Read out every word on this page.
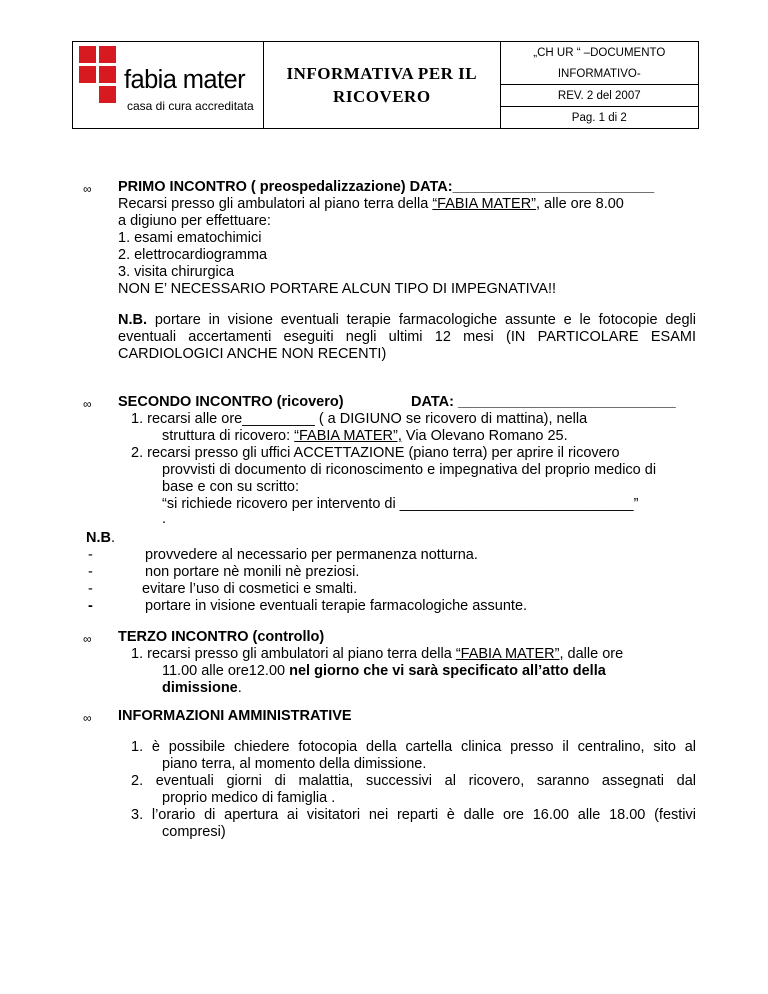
fabia mater
casa di cura accreditata

INFORMATIVA PER IL
RICOVERO
	„CH UR “ –DOCUMENTO
INFORMATIVO-
REV. 2 del 2007
Pag. 1 di 2
∞ PRIMO INCONTRO ( preospedalizzazione) DATA:_________________________
Recarsi presso gli ambulatori al piano terra della “FABIA MATER”, alle ore 8.00
a digiuno per effettuare:
1. esami ematochimici
2. elettrocardiogramma
3. visita chirurgica
NON E’ NECESSARIO PORTARE ALCUN TIPO DI IMPEGNATIVA!!
N.B. portare in visione eventuali terapie farmacologiche assunte e le fotocopie degli
eventuali accertamenti eseguiti negli ultimi 12 mesi (IN PARTICOLARE ESAMI
CARDIOLOGICI ANCHE NON RECENTI)
∞ SECONDO INCONTRO (ricovero)	DATA: ___________________________
1. recarsi alle ore_________ ( a DIGIUNO se ricovero di mattina), nella
struttura di ricovero: “FABIA MATER”, Via Olevano Romano 25.
2. recarsi presso gli uffici ACCETTAZIONE (piano terra) per aprire il ricovero
provvisti di documento di riconoscimento e impegnativa del proprio medico di
base e con su scritto:
“si richiede ricovero per intervento di _____________________________”
.
N.B.
-	provvedere al necessario per permanenza notturna.
-	non portare nè monili nè preziosi.
-	evitare l’uso di cosmetici e smalti.
-	portare in visione eventuali terapie farmacologiche assunte.
∞ TERZO INCONTRO (controllo)
1. recarsi presso gli ambulatori al piano terra della “FABIA MATER”, dalle ore
11.00 alle ore12.00 nel giorno che vi sarà specificato all’atto della
dimissione.
∞ INFORMAZIONI AMMINISTRATIVE
1. è possibile chiedere fotocopia della cartella clinica presso il centralino, sito al
piano terra, al momento della dimissione.
2. eventuali giorni di malattia, successivi al ricovero, saranno assegnati dal
proprio medico di famiglia .
3. l’orario di apertura ai visitatori nei reparti è dalle ore 16.00 alle 18.00 (festivi
compresi)
